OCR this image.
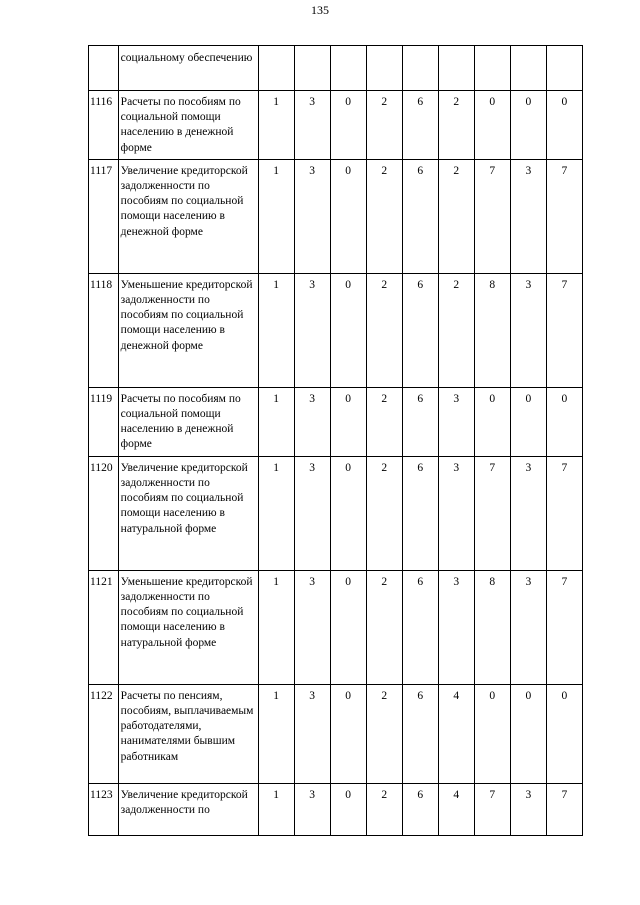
135
	социальному обеспечению									
1116	Расчеты по пособиям по социальной помощи населению в денежной форме	1	3	0	2	6	2	0	0	0
1117	Увеличение кредиторской задолженности по пособиям по социальной помощи населению в денежной форме	1	3	0	2	6	2	7	3	7
1118	Уменьшение кредиторской задолженности по пособиям по социальной помощи населению в денежной форме	1	3	0	2	6	2	8	3	7
1119	Расчеты по пособиям по социальной помощи населению в денежной форме	1	3	0	2	6	3	0	0	0
1120	Увеличение кредиторской задолженности по пособиям по социальной помощи населению в натуральной форме	1	3	0	2	6	3	7	3	7
1121	Уменьшение кредиторской задолженности по пособиям по социальной помощи населению в натуральной форме	1	3	0	2	6	3	8	3	7
1122	Расчеты по пенсиям, пособиям, выплачиваемым работодателями, нанимателями бывшим работникам	1	3	0	2	6	4	0	0	0
1123	Увеличение кредиторской задолженности по	1	3	0	2	6	4	7	3	7
